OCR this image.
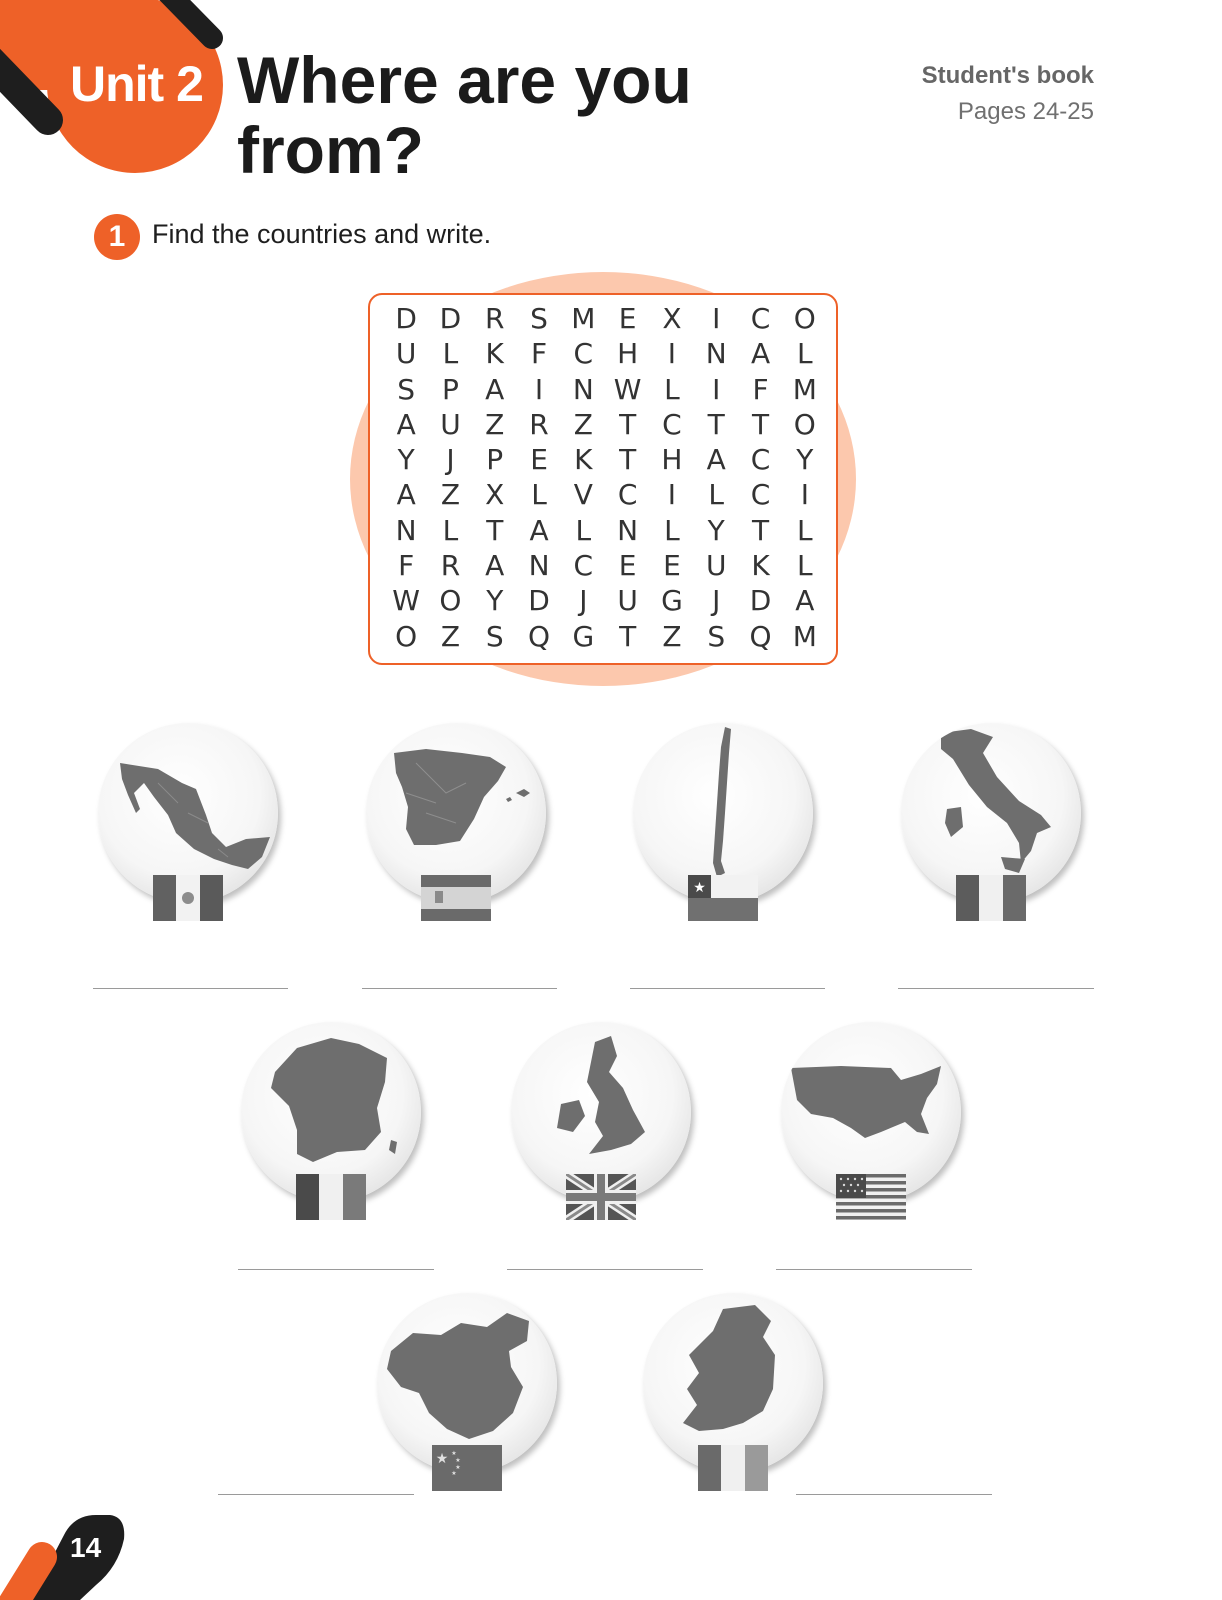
Unit 2 Where are you
from?
Student's book
Pages 24-25
1 Find the countries and write.
D D R S M E X	I	C O
U L K F C H	I	N A L
S P A	I	N W L	I	F M
A U Z R Z T C T T O
Y	J	P E K T H A C Y
A Z X L V C	I	L C	I
N L T A L N L Y T L
F R A N C E E U K L
W O Y D	J	U G	J	D A
O Z S Q G T Z S Q M
★
★ ★
★
★
★
14
